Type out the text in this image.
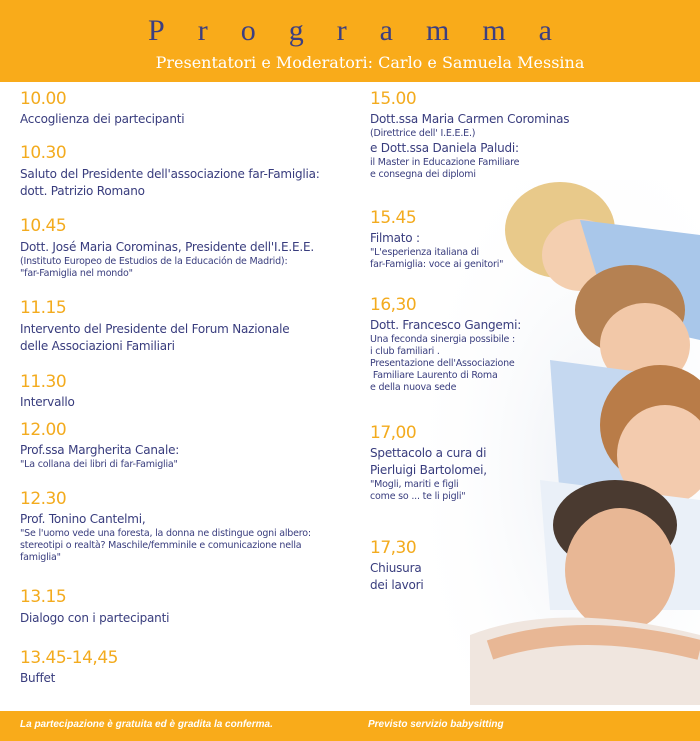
Programma
Presentatori e Moderatori: Carlo e Samuela Messina
10.00
Accoglienza dei partecipanti
10.30
Saluto del Presidente dell'associazione far-Famiglia:
dott. Patrizio Romano
10.45
Dott. José Maria Corominas, Presidente dell'I.E.E.E.
(Instituto Europeo de Estudios de la Educación de Madrid):
"far-Famiglia nel mondo"
11.15
Intervento del Presidente del Forum Nazionale
delle Associazioni Familiari
11.30
Intervallo
12.00
Prof.ssa Margherita Canale:
"La collana dei libri di far-Famiglia"
12.30
Prof. Tonino Cantelmi,
"Se l'uomo vede una foresta, la donna ne distingue ogni albero:
stereotipi o realtà? Maschile/femminile e comunicazione nella
famiglia"
13.15
Dialogo con i partecipanti
13.45-14,45
Buffet
15.00
Dott.ssa Maria Carmen Corominas
(Direttrice dell' I.E.E.E.)
e Dott.ssa Daniela Paludi:
il Master in Educazione Familiare
e consegna dei diplomi
15.45
Filmato :
"L'esperienza italiana di
far-Famiglia: voce ai genitori"
16,30
Dott. Francesco Gangemi:
Una feconda sinergia possibile :
i club familiari .
Presentazione dell'Associazione
Familiare Laurento di Roma
e della nuova sede
17,00
Spettacolo a cura di
Pierluigi Bartolomei,
"Mogli, mariti e figli
come so ... te li pigli"
17,30
Chiusura
dei lavori
La partecipazione è gratuita ed è gradita la conferma.	Previsto servizio babysitting
